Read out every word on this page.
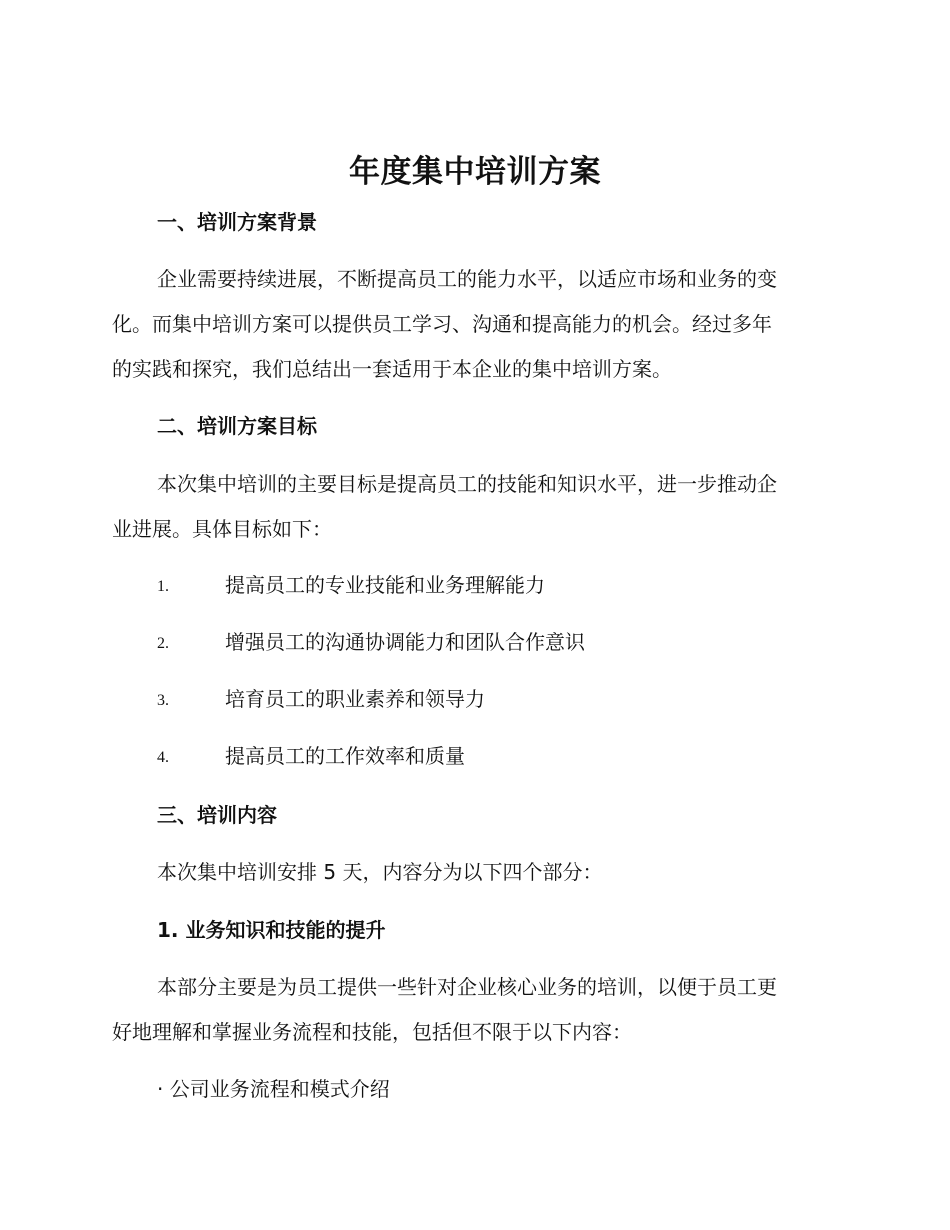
年度集中培训方案
一、培训方案背景
企业需要持续进展，不断提高员工的能力水平，以适应市场和业务的变
化。而集中培训方案可以提供员工学习、沟通和提高能力的机会。经过多年
的实践和探究，我们总结出一套适用于本企业的集中培训方案。
二、培训方案目标
本次集中培训的主要目标是提高员工的技能和知识水平，进一步推动企
业进展。具体目标如下：
1.	提高员工的专业技能和业务理解能力
2.	增强员工的沟通协调能力和团队合作意识
3.	培育员工的职业素养和领导力
4.	提高员工的工作效率和质量
三、培训内容
本次集中培训安排 5 天，内容分为以下四个部分：
1. 业务知识和技能的提升
本部分主要是为员工提供一些针对企业核心业务的培训，以便于员工更
好地理解和掌握业务流程和技能，包括但不限于以下内容：
· 公司业务流程和模式介绍
